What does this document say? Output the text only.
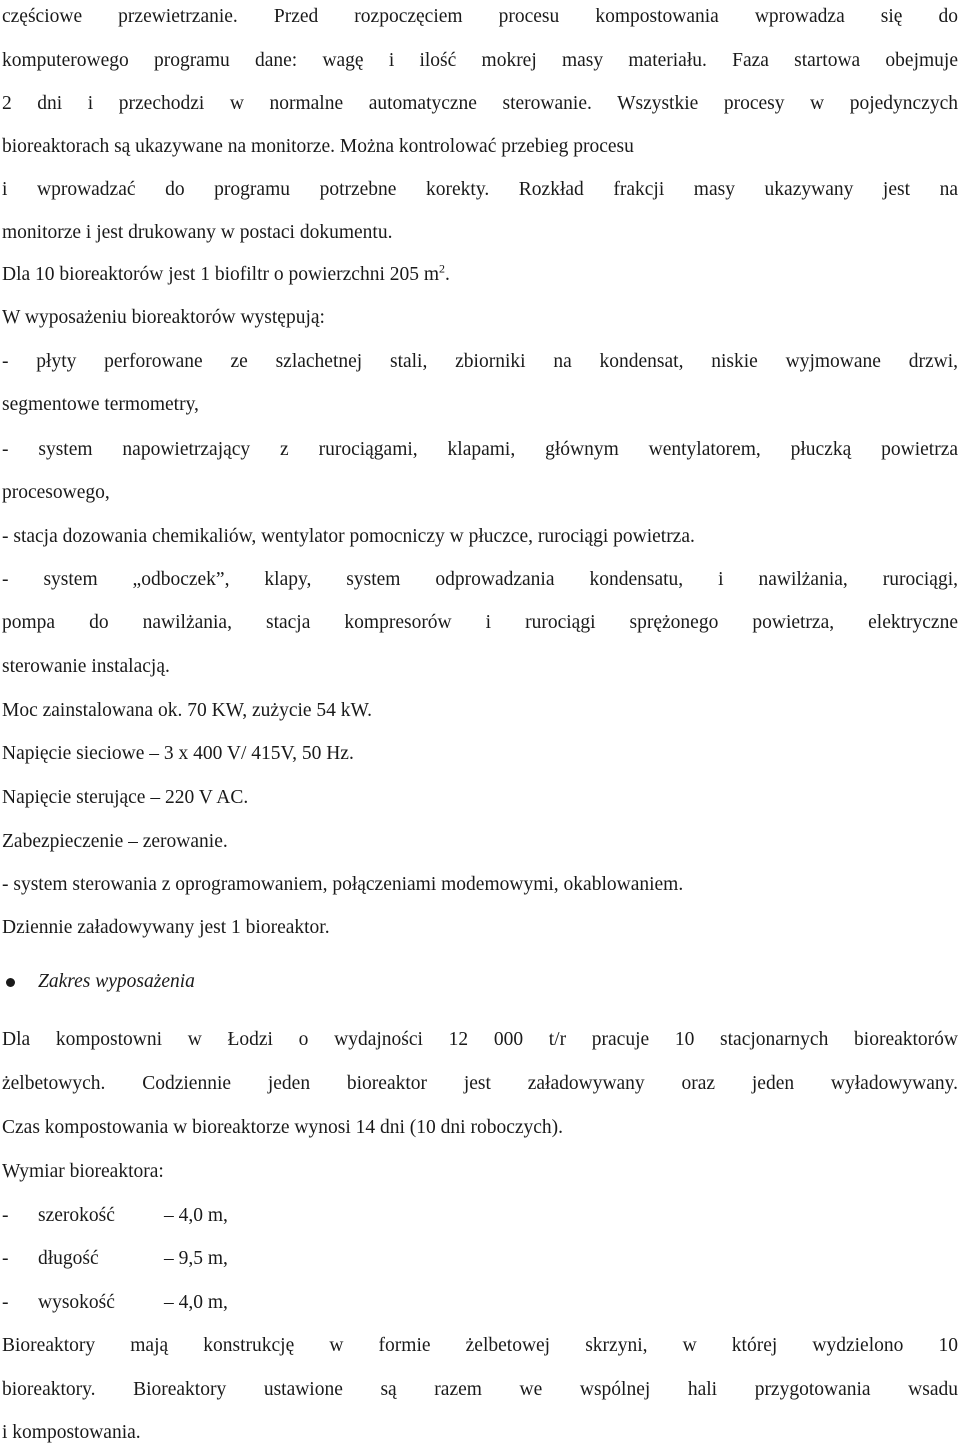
częściowe przewietrzanie. Przed rozpoczęciem procesu kompostowania wprowadza się do
komputerowego programu dane: wagę i ilość mokrej masy materiału. Faza startowa obejmuje
2 dni i przechodzi w normalne automatyczne sterowanie. Wszystkie procesy w pojedynczych
bioreaktorach są ukazywane na monitorze. Można kontrolować przebieg procesu
i wprowadzać do programu potrzebne korekty. Rozkład frakcji masy ukazywany jest na
monitorze i jest drukowany w postaci dokumentu.
Dla 10 bioreaktorów jest 1 biofiltr o powierzchni 205 $m^2$.
W wyposażeniu bioreaktorów występują:
- płyty perforowane ze szlachetnej stali, zbiorniki na kondensat, niskie wyjmowane drzwi,
segmentowe termometry,
- system napowietrzający z rurociągami, klapami, głównym wentylatorem, płuczką powietrza
procesowego,
- stacja dozowania chemikaliów, wentylator pomocniczy w płuczce, rurociągi powietrza.
- system „odboczek”, klapy, system odprowadzania kondensatu, i nawilżania, rurociągi,
pompa do nawilżania, stacja kompresorów i rurociągi sprężonego powietrza, elektryczne
sterowanie instalacją.
Moc zainstalowana ok. 70 KW, zużycie 54 kW.
Napięcie sieciowe – 3 x 400 V/ 415V, 50 Hz.
Napięcie sterujące – 220 V AC.
Zabezpieczenie – zerowanie.
- system sterowania z oprogramowaniem, połączeniami modemowymi, okablowaniem.
Dziennie załadowywany jest 1 bioreaktor.
Zakres wyposażenia
Dla kompostowni w Łodzi o wydajności 12 000 t/r pracuje 10 stacjonarnych bioreaktorów
żelbetowych. Codziennie jeden bioreaktor jest załadowywany oraz jeden wyładowywany.
Czas kompostowania w bioreaktorze wynosi 14 dni (10 dni roboczych).
Wymiar bioreaktora:
- szerokość	– 4,0 m,
- długość	– 9,5 m,
- wysokość	– 4,0 m,
Bioreaktory mają konstrukcję w formie żelbetowej skrzyni, w której wydzielono 10
bioreaktory. Bioreaktory ustawione są razem we wspólnej hali przygotowania wsadu
i kompostowania.
